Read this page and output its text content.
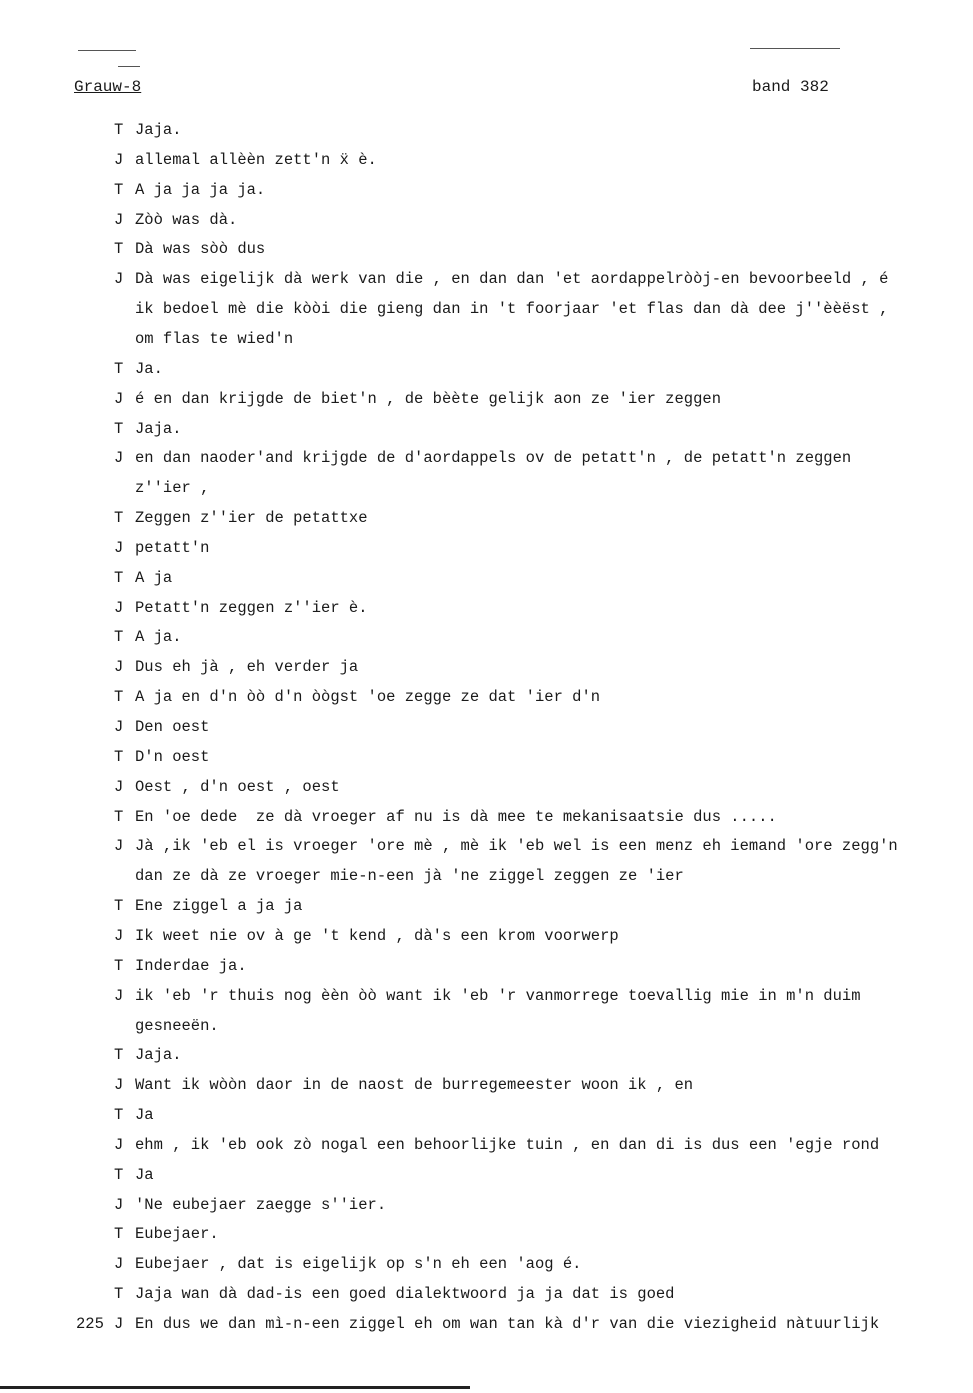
Grauw-8	band 382
T Jaja.
J allemal allèèn zett'n ẍ è.
T A ja ja ja ja.
J Zòò was dà.
T Dà was sòò dus
J Dà was eigelijk dà werk van die , en dan dan 'et aordappelròòj-en bevoorbeeld , é
ik bedoel mè die kòòi die gieng dan in 't foorjaar 'et flas dan dà dee j''èèëst ,
om flas te wied'n
T Ja.
J é en dan krijgde de biet'n , de bèète gelijk aon ze 'ier zeggen
T Jaja.
J en dan naoder'and krijgde de d'aordappels ov de petatt'n , de petatt'n zeggen
z''ier ,
T Zeggen z''ier de petattxe
J petatt'n
T A ja
J Petatt'n zeggen z''ier è.
T A ja.
J Dus eh jà , eh verder ja
T A ja en d'n òò d'n òògst 'oe zegge ze dat 'ier d'n
J Den oest
T D'n oest
J Oest , d'n oest , oest
T En 'oe dede  ze dà vroeger af nu is dà mee te mekanisaatsie dus .....
J Jà ,ik 'eb el is vroeger 'ore mè , mè ik 'eb wel is een menz eh iemand 'ore zegg'n
dan ze dà ze vroeger mie-n-een jà 'ne ziggel zeggen ze 'ier
T Ene ziggel a ja ja
J Ik weet nie ov à ge 't kend , dà's een krom voorwerp
T Inderdae ja.
J ik 'eb 'r thuis nog èèn òò want ik 'eb 'r vanmorrege toevallig mie in m'n duim
gesneeën.
T Jaja.
J Want ik wòòn daor in de naost de burregemeester woon ik , en
T Ja
J ehm , ik 'eb ook zò nogal een behoorlijke tuin , en dan di is dus een 'egje rond
T Ja
J 'Ne eubejaer zaegge s''ier.
T Eubejaer.
J Eubejaer , dat is eigelijk op s'n eh een 'aog é.
T Jaja wan dà dad-is een goed dialektwoord ja ja dat is goed
225 J En dus we dan mì-n-een ziggel eh om wan tan kà d'r van die viezigheid nàtuurlijk
